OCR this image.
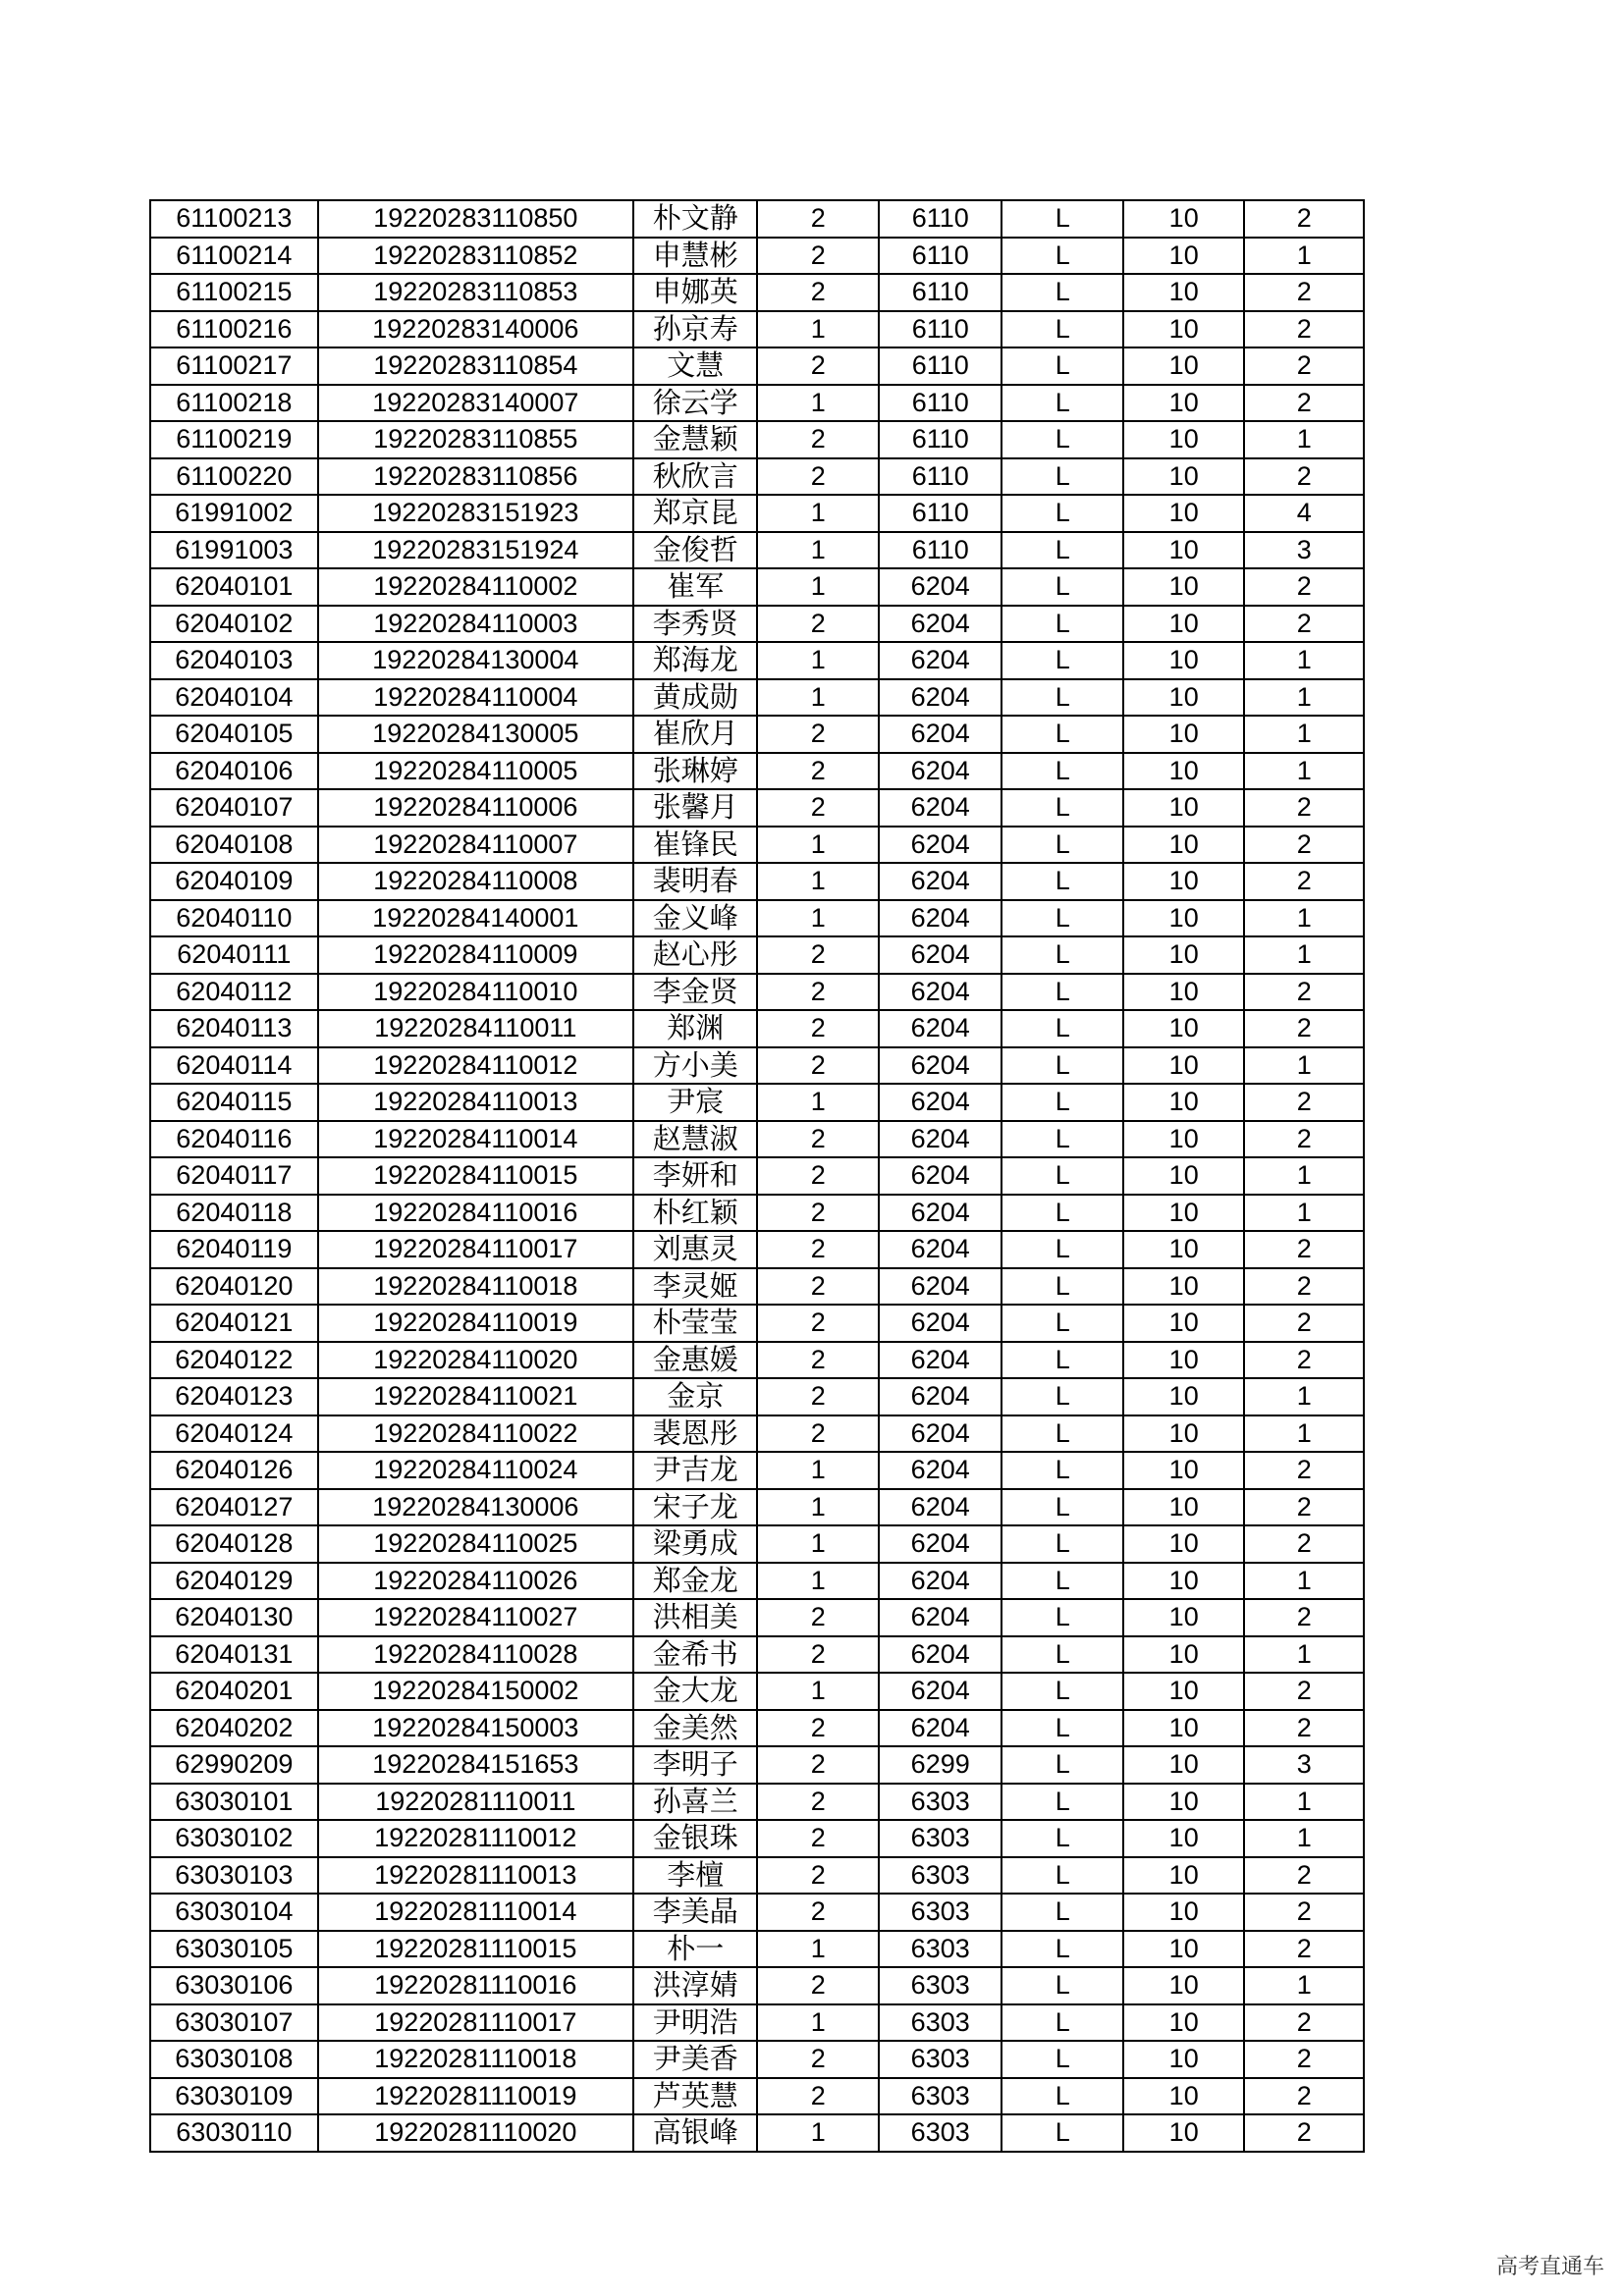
61100213	19220283110850	朴文静	2	6110	L	10	2
61100214	19220283110852	申慧彬	2	6110	L	10	1
61100215	19220283110853	申娜英	2	6110	L	10	2
61100216	19220283140006	孙京寿	1	6110	L	10	2
61100217	19220283110854	文慧	2	6110	L	10	2
61100218	19220283140007	徐云学	1	6110	L	10	2
61100219	19220283110855	金慧颖	2	6110	L	10	1
61100220	19220283110856	秋欣言	2	6110	L	10	2
61991002	19220283151923	郑京昆	1	6110	L	10	4
61991003	19220283151924	金俊哲	1	6110	L	10	3
62040101	19220284110002	崔军	1	6204	L	10	2
62040102	19220284110003	李秀贤	2	6204	L	10	2
62040103	19220284130004	郑海龙	1	6204	L	10	1
62040104	19220284110004	黄成勋	1	6204	L	10	1
62040105	19220284130005	崔欣月	2	6204	L	10	1
62040106	19220284110005	张琳婷	2	6204	L	10	1
62040107	19220284110006	张馨月	2	6204	L	10	2
62040108	19220284110007	崔锋民	1	6204	L	10	2
62040109	19220284110008	裴明春	1	6204	L	10	2
62040110	19220284140001	金义峰	1	6204	L	10	1
62040111	19220284110009	赵心彤	2	6204	L	10	1
62040112	19220284110010	李金贤	2	6204	L	10	2
62040113	19220284110011	郑渊	2	6204	L	10	2
62040114	19220284110012	方小美	2	6204	L	10	1
62040115	19220284110013	尹宸	1	6204	L	10	2
62040116	19220284110014	赵慧淑	2	6204	L	10	2
62040117	19220284110015	李妍和	2	6204	L	10	1
62040118	19220284110016	朴红颖	2	6204	L	10	1
62040119	19220284110017	刘惠灵	2	6204	L	10	2
62040120	19220284110018	李灵姬	2	6204	L	10	2
62040121	19220284110019	朴莹莹	2	6204	L	10	2
62040122	19220284110020	金惠媛	2	6204	L	10	2
62040123	19220284110021	金京	2	6204	L	10	1
62040124	19220284110022	裴恩彤	2	6204	L	10	1
62040126	19220284110024	尹吉龙	1	6204	L	10	2
62040127	19220284130006	宋子龙	1	6204	L	10	2
62040128	19220284110025	梁勇成	1	6204	L	10	2
62040129	19220284110026	郑金龙	1	6204	L	10	1
62040130	19220284110027	洪相美	2	6204	L	10	2
62040131	19220284110028	金希书	2	6204	L	10	1
62040201	19220284150002	金大龙	1	6204	L	10	2
62040202	19220284150003	金美然	2	6204	L	10	2
62990209	19220284151653	李明子	2	6299	L	10	3
63030101	19220281110011	孙喜兰	2	6303	L	10	1
63030102	19220281110012	金银珠	2	6303	L	10	1
63030103	19220281110013	李檀	2	6303	L	10	2
63030104	19220281110014	李美晶	2	6303	L	10	2
63030105	19220281110015	朴一	1	6303	L	10	2
63030106	19220281110016	洪淳婧	2	6303	L	10	1
63030107	19220281110017	尹明浩	1	6303	L	10	2
63030108	19220281110018	尹美香	2	6303	L	10	2
63030109	19220281110019	芦英慧	2	6303	L	10	2
63030110	19220281110020	高银峰	1	6303	L	10	2
高考直通车
